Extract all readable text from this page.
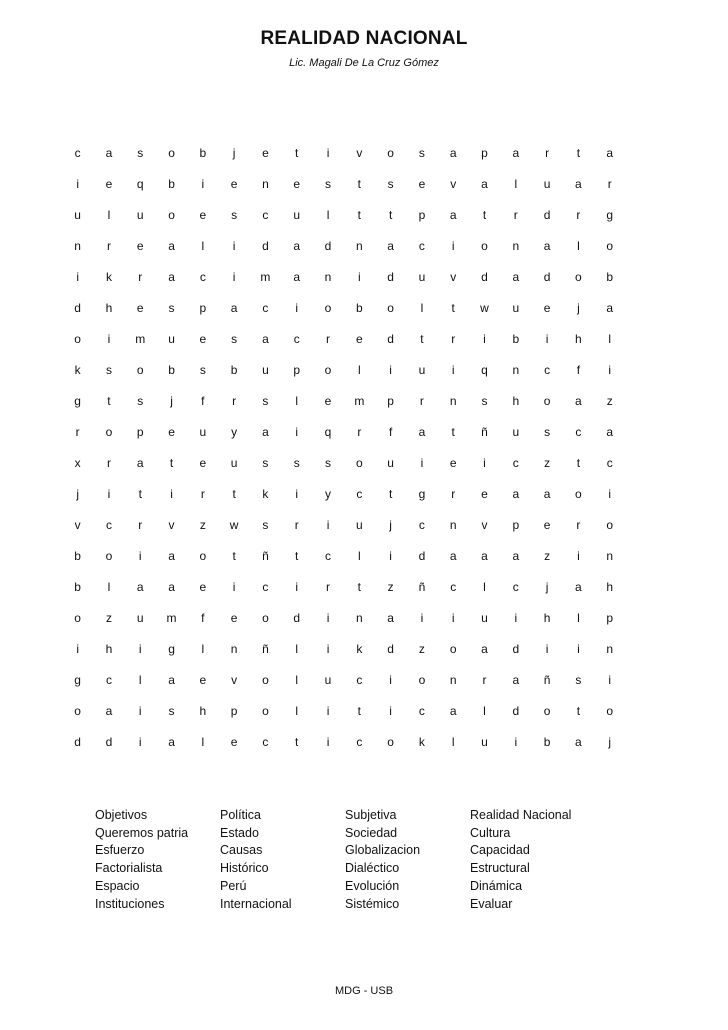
REALIDAD NACIONAL
Lic. Magali De La Cruz Gómez
c	a	s	o	b	j	e	t	i	v	o	s	a	p	a	r	t	a
i	e	q	b	i	e	n	e	s	t	s	e	v	a	l	u	a	r
u	l	u	o	e	s	c	u	l	t	t	p	a	t	r	d	r	g
n	r	e	a	l	i	d	a	d	n	a	c	i	o	n	a	l	o
i	k	r	a	c	i	m	a	n	i	d	u	v	d	a	d	o	b
d	h	e	s	p	a	c	i	o	b	o	l	t	w	u	e	j	a
o	i	m	u	e	s	a	c	r	e	d	t	r	i	b	i	h	l
k	s	o	b	s	b	u	p	o	l	i	u	i	q	n	c	f	i
g	t	s	j	f	r	s	l	e	m	p	r	n	s	h	o	a	z
r	o	p	e	u	y	a	i	q	r	f	a	t	ñ	u	s	c	a
x	r	a	t	e	u	s	s	s	o	u	i	e	i	c	z	t	c
j	i	t	i	r	t	k	i	y	c	t	g	r	e	a	a	o	i
v	c	r	v	z	w	s	r	i	u	j	c	n	v	p	e	r	o
b	o	i	a	o	t	ñ	t	c	l	i	d	a	a	a	z	i	n
b	l	a	a	e	i	c	i	r	t	z	ñ	c	l	c	j	a	h
o	z	u	m	f	e	o	d	i	n	a	i	i	u	i	h	l	p
i	h	i	g	l	n	ñ	l	i	k	d	z	o	a	d	i	i	n
g	c	l	a	e	v	o	l	u	c	i	o	n	r	a	ñ	s	i
o	a	i	s	h	p	o	l	i	t	i	c	a	l	d	o	t	o
d	d	i	a	l	e	c	t	i	c	o	k	l	u	i	b	a	j
Objetivos
Queremos patria
Esfuerzo
Factorialista
Espacio
Instituciones
Política
Estado
Causas
Histórico
Perú
Internacional
Subjetiva
Sociedad
Globalizacion
Dialéctico
Evolución
Sistémico
Realidad Nacional
Cultura
Capacidad
Estructural
Dinámica
Evaluar
MDG - USB
